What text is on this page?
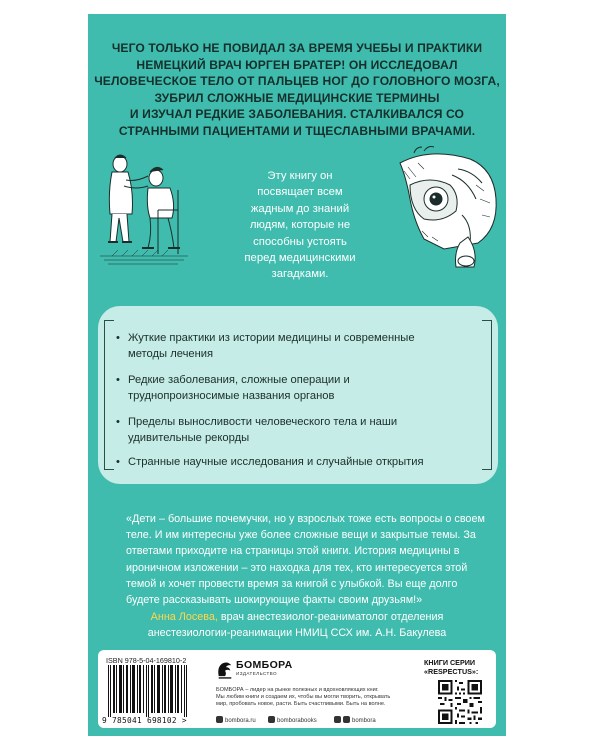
ЧЕГО ТОЛЬКО НЕ ПОВИДАЛ ЗА ВРЕМЯ УЧЕБЫ И ПРАКТИКИ
НЕМЕЦКИЙ ВРАЧ ЮРГЕН БРАТЕР! ОН ИССЛЕДОВАЛ
ЧЕЛОВЕЧЕСКОЕ ТЕЛО ОТ ПАЛЬЦЕВ НОГ ДО ГОЛОВНОГО МОЗГА,
ЗУБРИЛ СЛОЖНЫЕ МЕДИЦИНСКИЕ ТЕРМИНЫ
И ИЗУЧАЛ РЕДКИЕ ЗАБОЛЕВАНИЯ. СТАЛКИВАЛСЯ СО
СТРАННЫМИ ПАЦИЕНТАМИ И ТЩЕСЛАВНЫМИ ВРАЧАМИ.
Эту книгу он
посвящает всем
жадным до знаний
людям, которые не
способны устоять
перед медицинскими
загадками.
• Жуткие практики из истории медицины и современные
методы лечения
• Редкие заболевания, сложные операции и
труднопроизносимые названия органов
• Пределы выносливости человеческого тела и наши
удивительные рекорды
• Странные научные исследования и случайные открытия
«Дети – большие почемучки, но у взрослых тоже есть вопросы о своем
теле. И им интересны уже более сложные вещи и закрытые темы. За
ответами приходите на страницы этой книги. История медицины в
ироничном изложении – это находка для тех, кто интересуется этой
темой и хочет провести время за книгой с улыбкой. Вы еще долго
будете рассказывать шокирующие факты своим друзьям!»
Анна Лосева, врач анестезиолог-реаниматолог отделения
анестезиологии-реанимации НМИЦ ССХ им. А.Н. Бакулева
ISBN 978-5-04-169810-2
9 785041 698102 >
БОМБОРА
ИЗДАТЕЛЬСТВО
БОМБОРА – лидер на рынке полезных и вдохновляющих книг.
Мы любим книги и создаем их, чтобы вы могли творить, открывать
мир, пробовать новое, расти. Быть счастливыми. Быть на волне.
bombora.ru	bomborabooks	bombora
КНИГИ СЕРИИ
«RESPECTUS»:
